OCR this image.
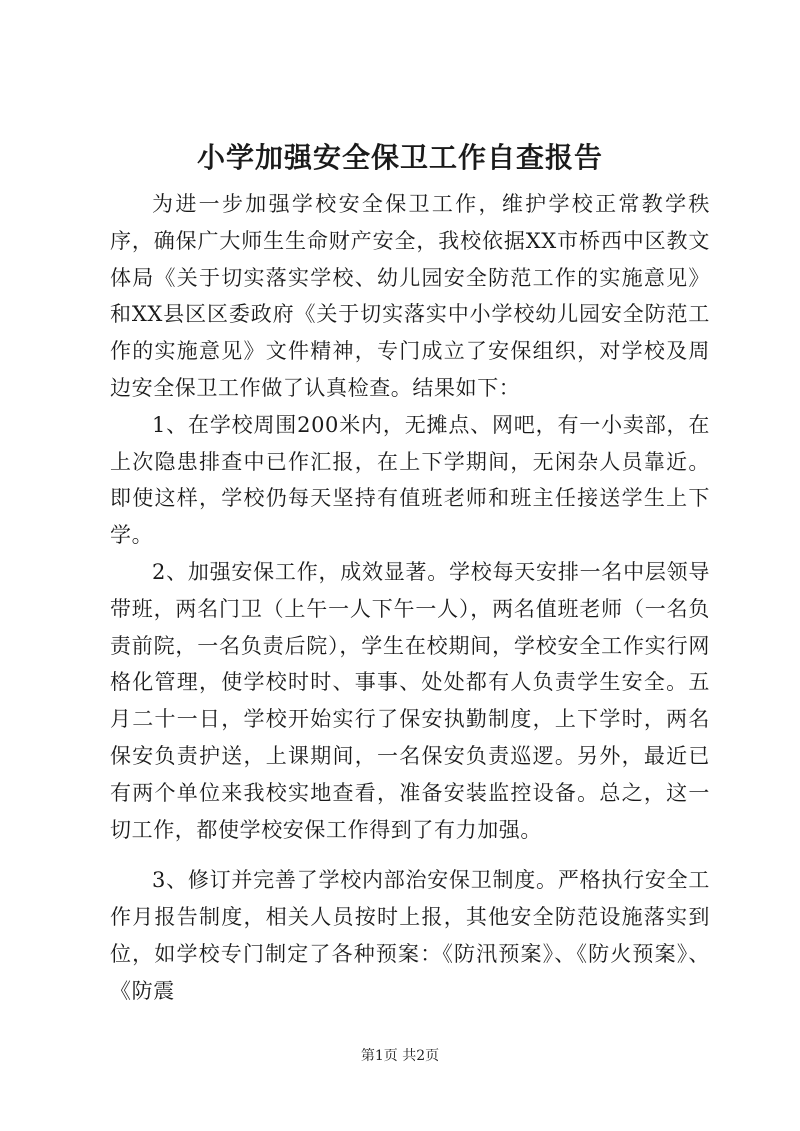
小学加强安全保卫工作自查报告

为进一步加强学校安全保卫工作，维护学校正常教学秩序，确保广大师生生命财产安全，我校依据XX市桥西中区教文体局《关于切实落实学校、幼儿园安全防范工作的实施意见》和XX县区区委政府《关于切实落实中小学校幼儿园安全防范工作的实施意见》文件精神，专门成立了安保组织，对学校及周边安全保卫工作做了认真检查。结果如下：

1、在学校周围200米内，无摊点、网吧，有一小卖部，在上次隐患排查中已作汇报，在上下学期间，无闲杂人员靠近。即使这样，学校仍每天坚持有值班老师和班主任接送学生上下学。

2、加强安保工作，成效显著。学校每天安排一名中层领导带班，两名门卫（上午一人下午一人），两名值班老师（一名负责前院，一名负责后院），学生在校期间，学校安全工作实行网格化管理，使学校时时、事事、处处都有人负责学生安全。五月二十一日，学校开始实行了保安执勤制度，上下学时，两名保安负责护送，上课期间，一名保安负责巡逻。另外，最近已有两个单位来我校实地查看，准备安装监控设备。总之，这一切工作，都使学校安保工作得到了有力加强。

3、修订并完善了学校内部治安保卫制度。严格执行安全工作月报告制度，相关人员按时上报，其他安全防范设施落实到位，如学校专门制定了各种预案：《防汛预案》、《防火预案》、《防震

第1页 共2页
